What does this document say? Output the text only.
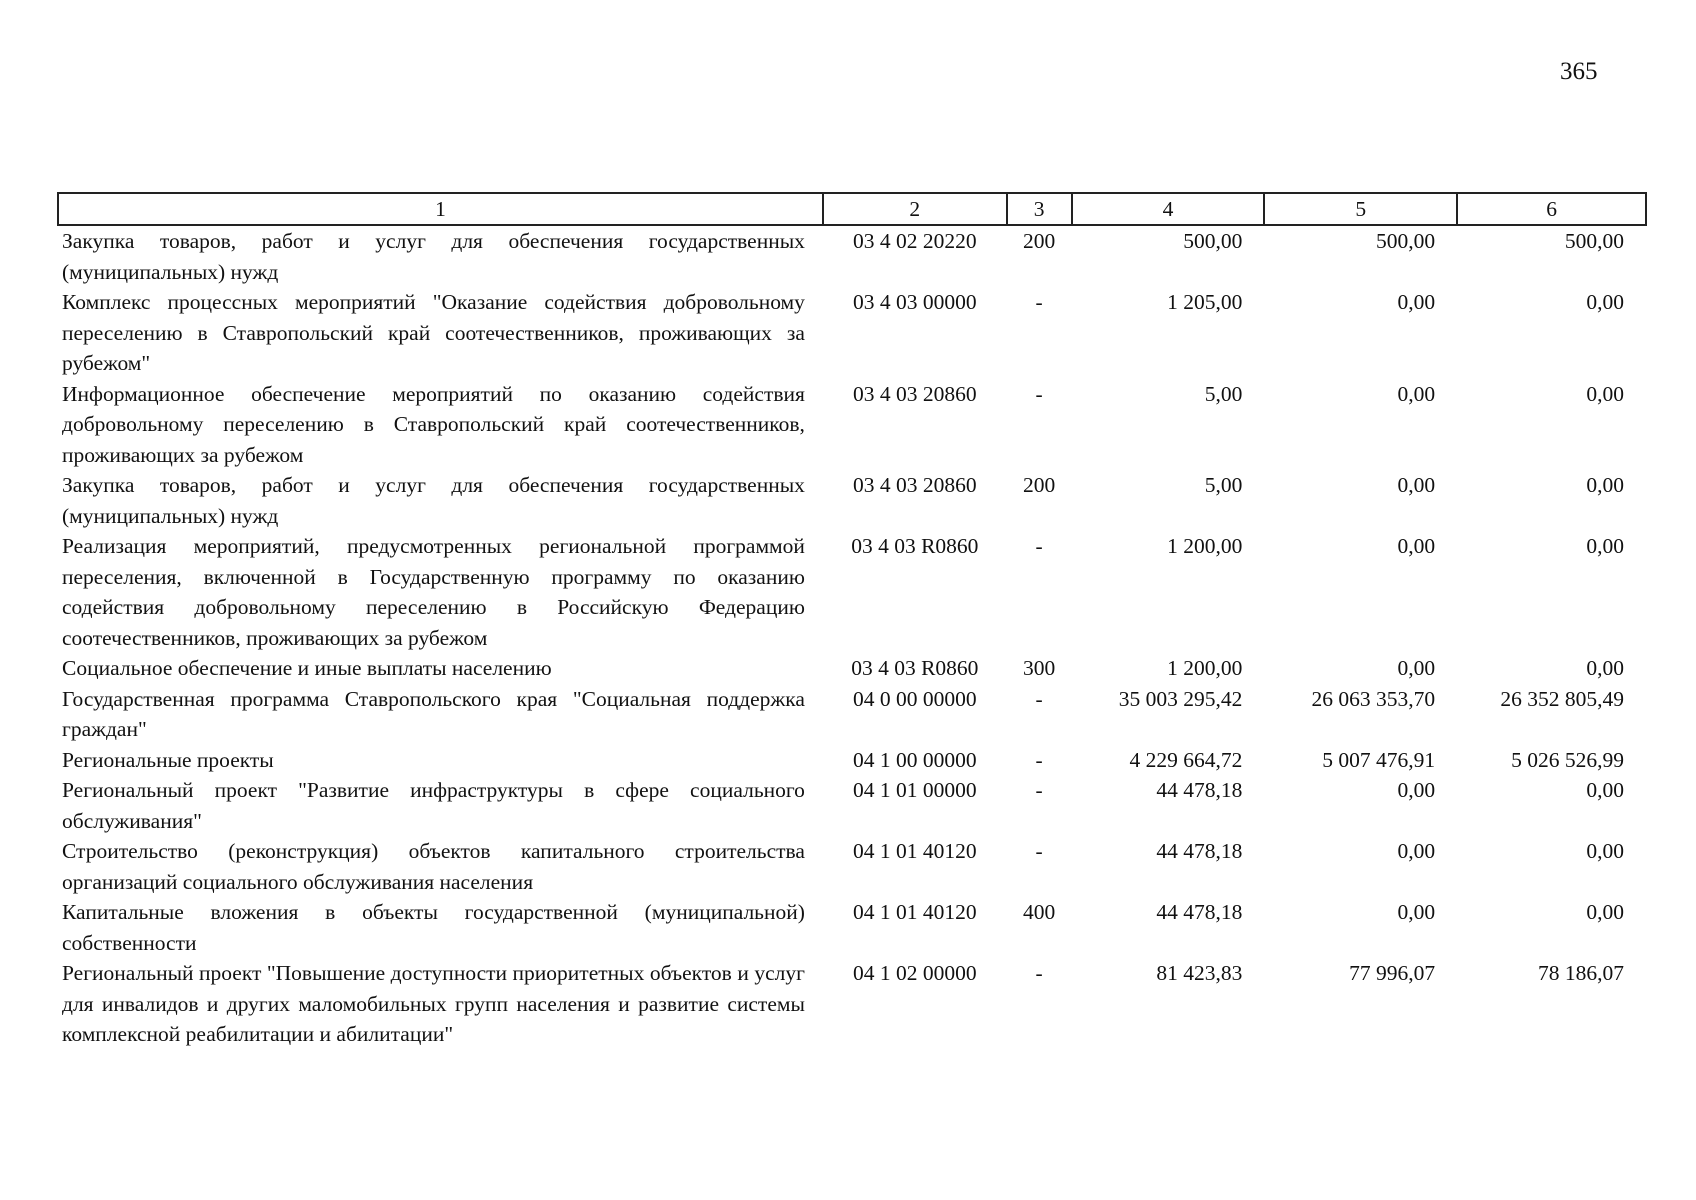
365
1	2	3	4	5	6
Закупка товаров, работ и услуг для обеспечения государственных (муниципальных) нужд	03 4 02 20220	200	500,00	500,00	500,00
Комплекс процессных мероприятий "Оказание содействия добровольному переселению в Ставропольский край соотечественников, проживающих за рубежом"	03 4 03 00000	-	1 205,00	0,00	0,00
Информационное обеспечение мероприятий по оказанию содействия добровольному переселению в Ставропольский край соотечественников, проживающих за рубежом	03 4 03 20860	-	5,00	0,00	0,00
Закупка товаров, работ и услуг для обеспечения государственных (муниципальных) нужд	03 4 03 20860	200	5,00	0,00	0,00
Реализация мероприятий, предусмотренных региональной программой переселения, включенной в Государственную программу по оказанию содействия добровольному переселению в Российскую Федерацию соотечественников, проживающих за рубежом	03 4 03 R0860	-	1 200,00	0,00	0,00
Социальное обеспечение и иные выплаты населению	03 4 03 R0860	300	1 200,00	0,00	0,00
Государственная программа Ставропольского края "Социальная поддержка граждан"	04 0 00 00000	-	35 003 295,42	26 063 353,70	26 352 805,49
Региональные проекты	04 1 00 00000	-	4 229 664,72	5 007 476,91	5 026 526,99
Региональный проект "Развитие инфраструктуры в сфере социального обслуживания"	04 1 01 00000	-	44 478,18	0,00	0,00
Строительство (реконструкция) объектов капитального строительства организаций социального обслуживания населения	04 1 01 40120	-	44 478,18	0,00	0,00
Капитальные вложения в объекты государственной (муниципальной) собственности	04 1 01 40120	400	44 478,18	0,00	0,00
Региональный проект "Повышение доступности приоритетных объектов и услуг для инвалидов и других маломобильных групп населения и развитие системы комплексной реабилитации и абилитации"	04 1 02 00000	-	81 423,83	77 996,07	78 186,07
